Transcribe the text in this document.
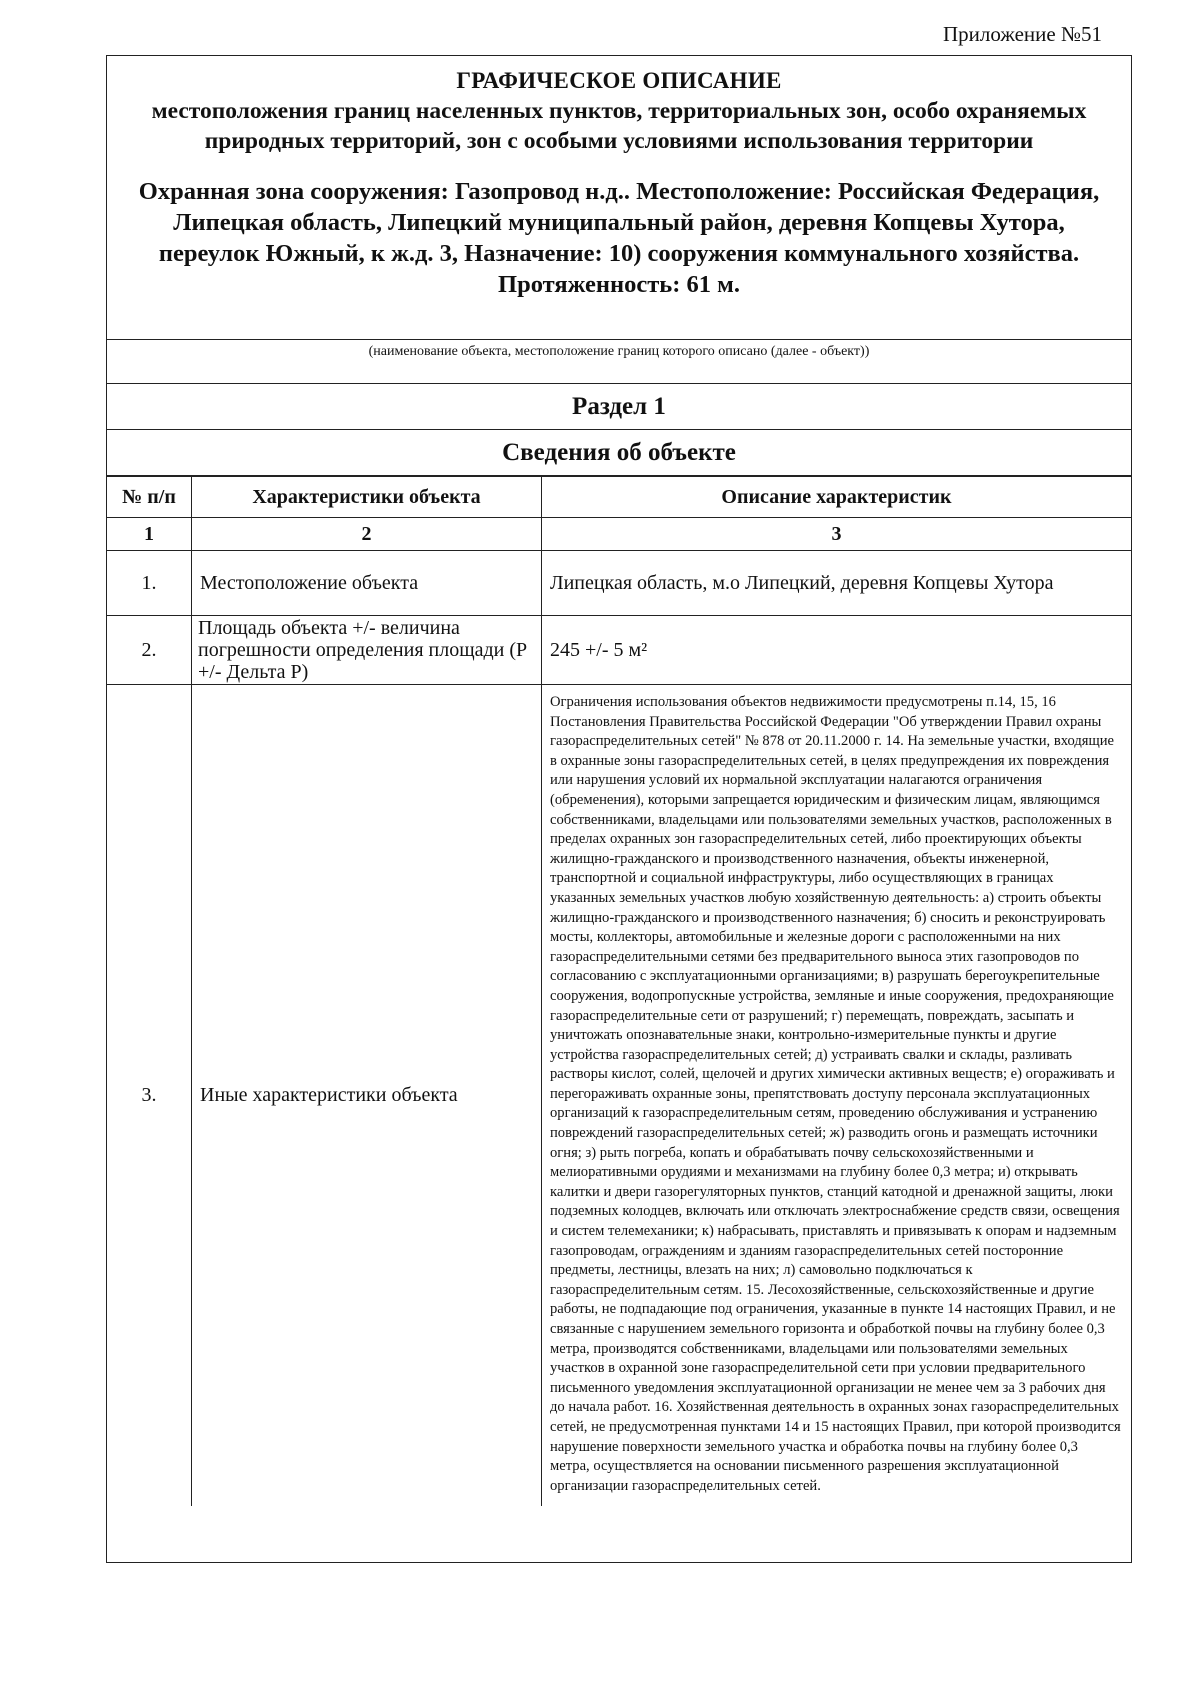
Приложение №51
ГРАФИЧЕСКОЕ ОПИСАНИЕ
местоположения границ населенных пунктов, территориальных зон, особо охраняемых природных территорий, зон с особыми условиями использования территории
Охранная зона сооружения: Газопровод н.д.. Местоположение: Российская Федерация, Липецкая область, Липецкий муниципальный район, деревня Копцевы Хутора, переулок Южный, к ж.д. 3, Назначение: 10) сооружения коммунального хозяйства. Протяженность: 61 м.
(наименование объекта, местоположение границ которого описано (далее - объект))
Раздел 1
Сведения об объекте
№ п/п	Характеристики объекта	Описание характеристик
1	2	3
1.	Местоположение объекта	Липецкая область, м.о Липецкий, деревня Копцевы Хутора

2.	Площадь объекта +/- величина погрешности определения площади (P +/- Дельта P)	245 +/- 5 м²

3.	Иные характеристики объекта	Ограничения использования объектов недвижимости предусмотрены п.14, 15, 16 Постановления Правительства Российской Федерации "Об утверждении Правил охраны газораспределительных сетей" № 878 от 20.11.2000 г. 14. На земельные участки, входящие в охранные зоны газораспределительных сетей, в целях предупреждения их повреждения или нарушения условий их нормальной эксплуатации налагаются ограничения (обременения), которыми запрещается юридическим и физическим лицам, являющимся собственниками, владельцами или пользователями земельных участков, расположенных в пределах охранных зон газораспределительных сетей, либо проектирующих объекты жилищно-гражданского и производственного назначения, объекты инженерной, транспортной и социальной инфраструктуры, либо осуществляющих в границах указанных земельных участков любую хозяйственную деятельность: а) строить объекты жилищно-гражданского и производственного назначения; б) сносить и реконструировать мосты, коллекторы, автомобильные и железные дороги с расположенными на них газораспределительными сетями без предварительного выноса этих газопроводов по согласованию с эксплуатационными организациями; в) разрушать берегоукрепительные сооружения, водопропускные устройства, земляные и иные сооружения, предохраняющие газораспределительные сети от разрушений; г) перемещать, повреждать, засыпать и уничтожать опознавательные знаки, контрольно-измерительные пункты и другие устройства газораспределительных сетей; д) устраивать свалки и склады, разливать растворы кислот, солей, щелочей и других химически активных веществ; е) огораживать и перегораживать охранные зоны, препятствовать доступу персонала эксплуатационных организаций к газораспределительным сетям, проведению обслуживания и устранению повреждений газораспределительных сетей; ж) разводить огонь и размещать источники огня; з) рыть погреба, копать и обрабатывать почву сельскохозяйственными и мелиоративными орудиями и механизмами на глубину более 0,3 метра; и) открывать калитки и двери газорегуляторных пунктов, станций катодной и дренажной защиты, люки подземных колодцев, включать или отключать электроснабжение средств связи, освещения и систем телемеханики; к) набрасывать, приставлять и привязывать к опорам и надземным газопроводам, ограждениям и зданиям газораспределительных сетей посторонние предметы, лестницы, влезать на них; л) самовольно подключаться к газораспределительным сетям. 15. Лесохозяйственные, сельскохозяйственные и другие работы, не подпадающие под ограничения, указанные в пункте 14 настоящих Правил, и не связанные с нарушением земельного горизонта и обработкой почвы на глубину более 0,3 метра, производятся собственниками, владельцами или пользователями земельных участков в охранной зоне газораспределительной сети при условии предварительного письменного уведомления эксплуатационной организации не менее чем за 3 рабочих дня до начала работ. 16. Хозяйственная деятельность в охранных зонах газораспределительных сетей, не предусмотренная пунктами 14 и 15 настоящих Правил, при которой производится нарушение поверхности земельного участка и обработка почвы на глубину более 0,3 метра, осуществляется на основании письменного разрешения эксплуатационной организации газораспределительных сетей.
